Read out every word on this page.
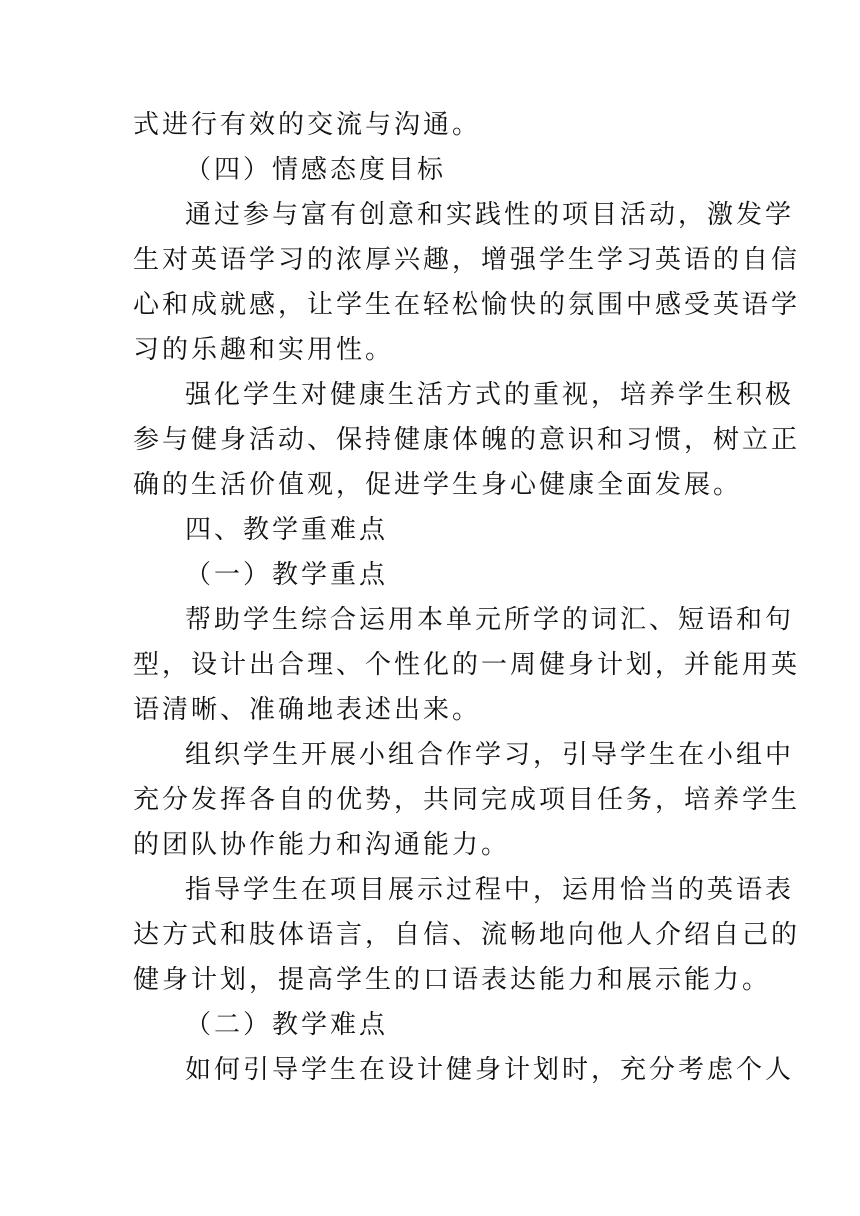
式进行有效的交流与沟通。
（四）情感态度目标
通过参与富有创意和实践性的项目活动，激发学
生对英语学习的浓厚兴趣，增强学生学习英语的自信
心和成就感，让学生在轻松愉快的氛围中感受英语学
习的乐趣和实用性。
强化学生对健康生活方式的重视，培养学生积极
参与健身活动、保持健康体魄的意识和习惯，树立正
确的生活价值观，促进学生身心健康全面发展。
四、教学重难点
（一）教学重点
帮助学生综合运用本单元所学的词汇、短语和句
型，设计出合理、个性化的一周健身计划，并能用英
语清晰、准确地表述出来。
组织学生开展小组合作学习，引导学生在小组中
充分发挥各自的优势，共同完成项目任务，培养学生
的团队协作能力和沟通能力。
指导学生在项目展示过程中，运用恰当的英语表
达方式和肢体语言，自信、流畅地向他人介绍自己的
健身计划，提高学生的口语表达能力和展示能力。
（二）教学难点
如何引导学生在设计健身计划时，充分考虑个人
